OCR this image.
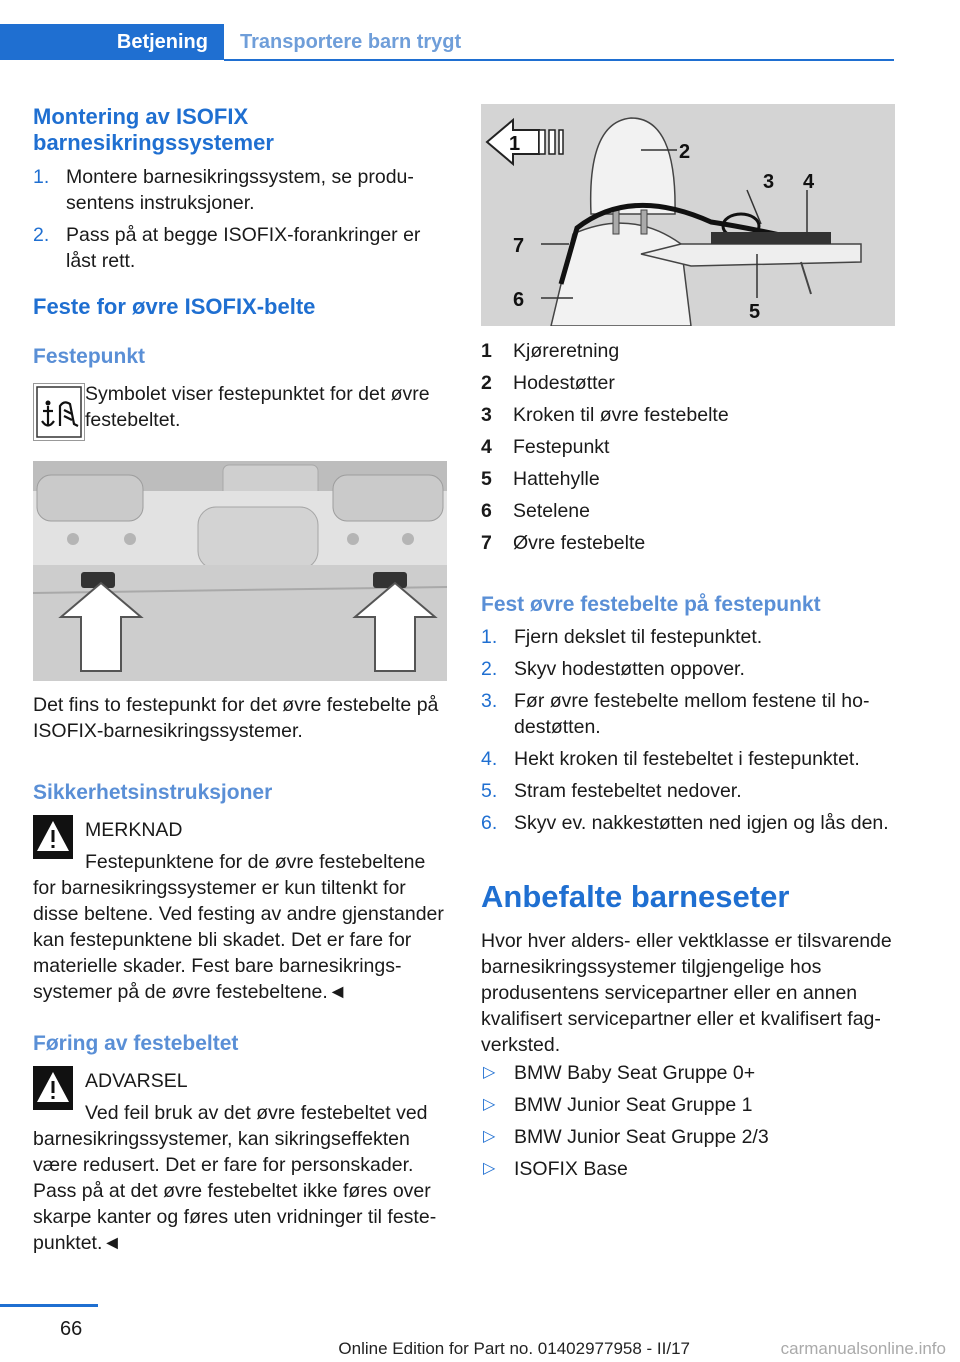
Betjening	Transportere barn trygt
Montering av ISOFIX barnesikringssystemer
1. Montere barnesikringssystem, se produsentens instruksjoner.
2. Pass på at begge ISOFIX-forankringer er låst rett.
Feste for øvre ISOFIX-belte
Festepunkt
Symbolet viser festepunktet for det øvre festebeltet.
Det fins to festepunkt for det øvre festebelte på ISOFIX-barnesikringssystemer.
Sikkerhetsinstruksjoner
MERKNAD
Festepunktene for de øvre festebeltene for barnesikringssystemer er kun tiltenkt for disse beltene. Ved festing av andre gjenstander kan festepunktene bli skadet. Det er fare for materielle skader. Fest bare barnesikringssystemer på de øvre festebeltene.◄
Føring av festebeltet
ADVARSEL
Ved feil bruk av det øvre festebeltet ved barnesikringssystemer, kan sikringseffekten være redusert. Det er fare for personskader. Pass på at det øvre festebeltet ikke føres over skarpe kanter og føres uten vridninger til festepunktet.◄
1	2
3 4
5
6
7
1	Kjøreretning
2	Hodestøtter
3	Kroken til øvre festebelte
4	Festepunkt
5	Hattehylle
6	Setelene
7	Øvre festebelte
Fest øvre festebelte på festepunkt
1. Fjern dekslet til festepunktet.
2. Skyv hodestøtten oppover.
3. Før øvre festebelte mellom festene til hodestøtten.
4. Hekt kroken til festebeltet i festepunktet.
5. Stram festebeltet nedover.
6. Skyv ev. nakkestøtten ned igjen og lås den.
Anbefalte barneseter
Hvor hver alders- eller vektklasse er tilsvarende barnesikringssystemer tilgjengelige hos produsentens servicepartner eller en annen kvalifisert servicepartner eller et kvalifisert fagverksted.
▷ BMW Baby Seat Gruppe 0+
▷ BMW Junior Seat Gruppe 1
▷ BMW Junior Seat Gruppe 2/3
▷ ISOFIX Base
66
Online Edition for Part no. 01402977958 - II/17	carmanualsonline.info
